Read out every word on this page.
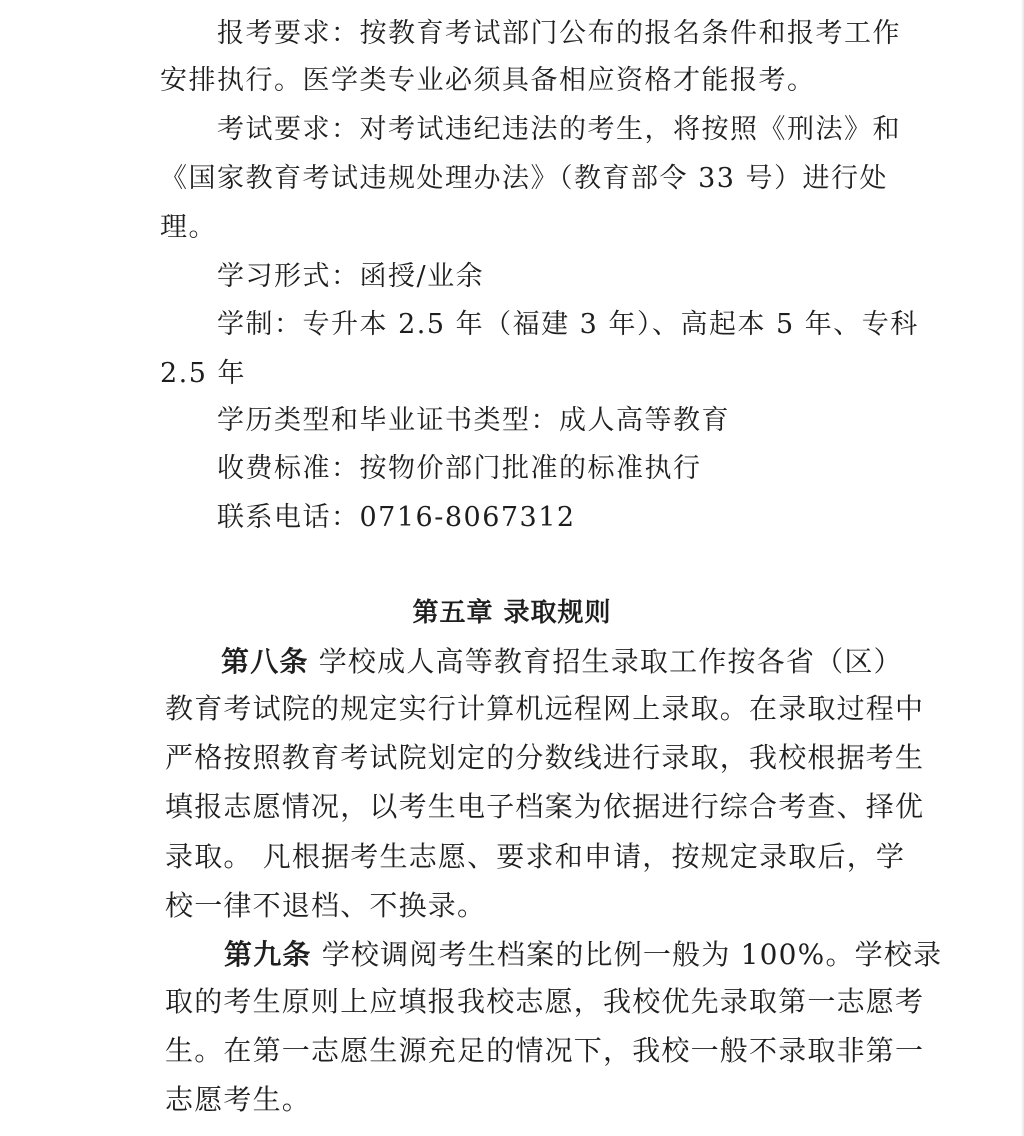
报考要求：按教育考试部门公布的报名条件和报考工作
安排执行。医学类专业必须具备相应资格才能报考。
考试要求：对考试违纪违法的考生，将按照《刑法》和
《国家教育考试违规处理办法》（教育部令 33 号）进行处
理。
学习形式：函授/业余
学制：专升本 2.5 年（福建 3 年）、高起本 5 年、专科
2.5 年
学历类型和毕业证书类型：成人高等教育
收费标准：按物价部门批准的标准执行
联系电话：0716-8067312
第五章 录取规则
第八条 学校成人高等教育招生录取工作按各省（区）
教育考试院的规定实行计算机远程网上录取。在录取过程中
严格按照教育考试院划定的分数线进行录取，我校根据考生
填报志愿情况，以考生电子档案为依据进行综合考查、择优
录取。 凡根据考生志愿、要求和申请，按规定录取后，学
校一律不退档、不换录。
第九条 学校调阅考生档案的比例一般为 100%。学校录
取的考生原则上应填报我校志愿，我校优先录取第一志愿考
生。在第一志愿生源充足的情况下，我校一般不录取非第一
志愿考生。
